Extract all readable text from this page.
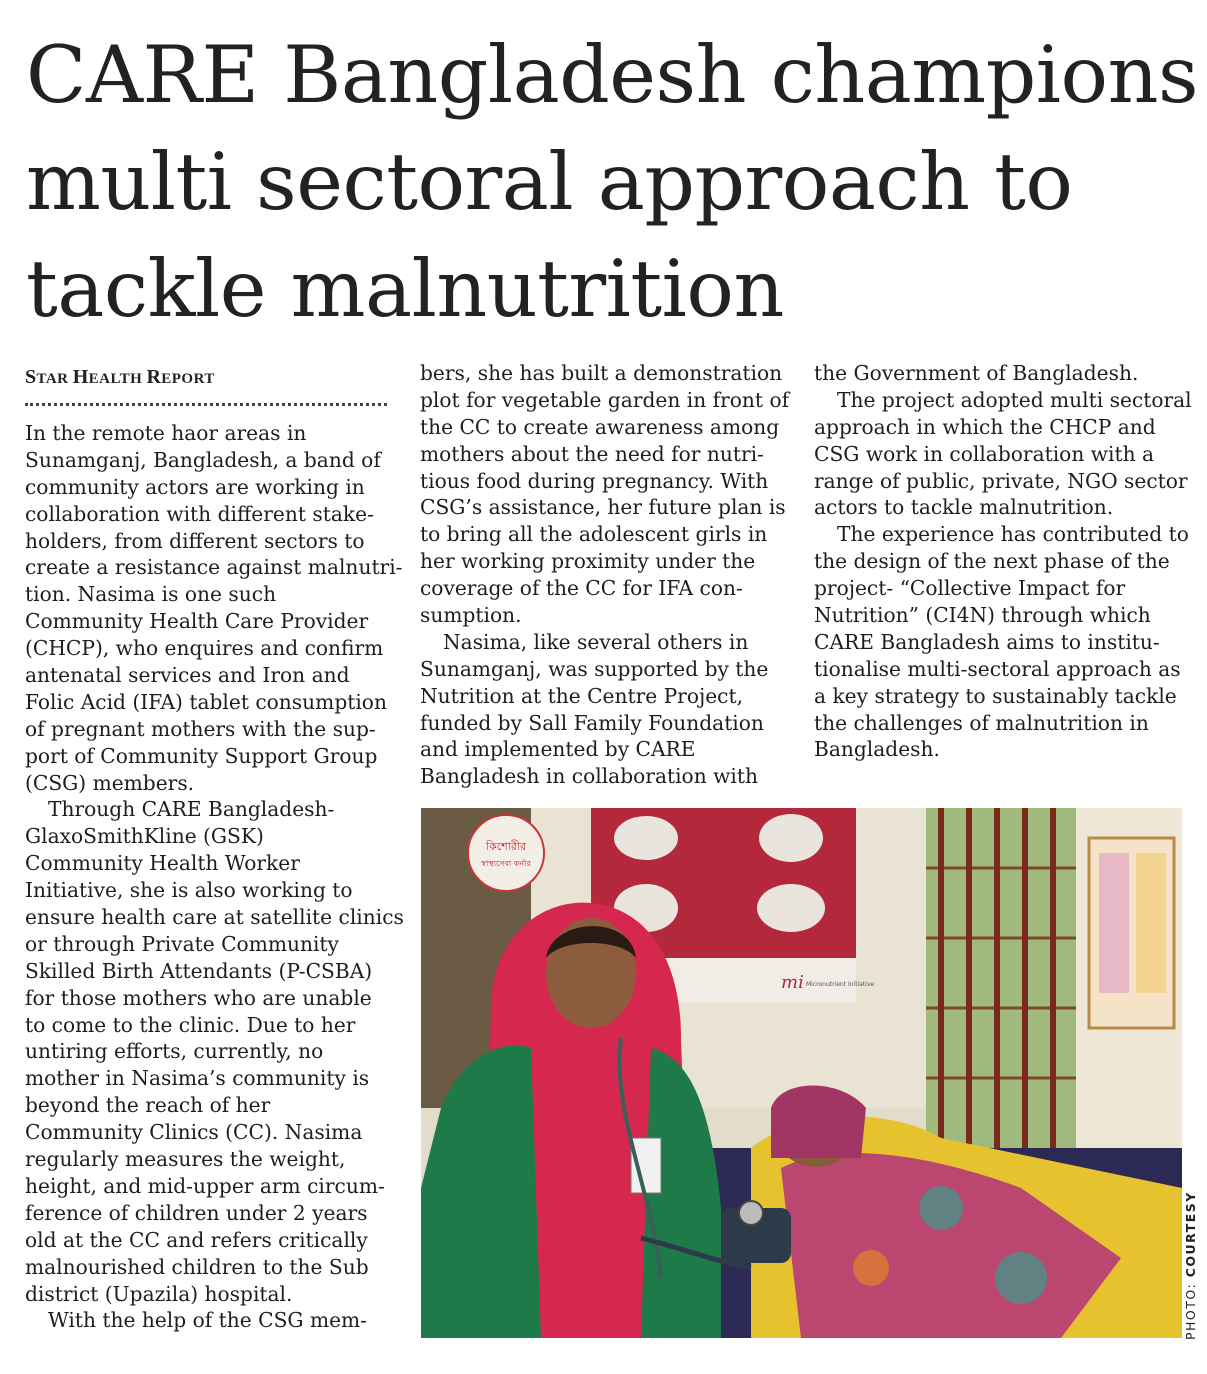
CARE Bangladesh champions
multi sectoral approach to
tackle malnutrition
STAR HEALTH REPORT
In the remote haor areas in
Sunamganj, Bangladesh, a band of
community actors are working in
collaboration with different stake-
holders, from different sectors to
create a resistance against malnutri-
tion. Nasima is one such
Community Health Care Provider
(CHCP), who enquires and confirm
antenatal services and Iron and
Folic Acid (IFA) tablet consumption
of pregnant mothers with the sup-
port of Community Support Group
(CSG) members.
Through CARE Bangladesh-
GlaxoSmithKline (GSK)
Community Health Worker
Initiative, she is also working to
ensure health care at satellite clinics
or through Private Community
Skilled Birth Attendants (P-CSBA)
for those mothers who are unable
to come to the clinic. Due to her
untiring efforts, currently, no
mother in Nasima’s community is
beyond the reach of her
Community Clinics (CC). Nasima
regularly measures the weight,
height, and mid-upper arm circum-
ference of children under 2 years
old at the CC and refers critically
malnourished children to the Sub
district (Upazila) hospital.
With the help of the CSG mem-
bers, she has built a demonstration
plot for vegetable garden in front of
the CC to create awareness among
mothers about the need for nutri-
tious food during pregnancy. With
CSG’s assistance, her future plan is
to bring all the adolescent girls in
her working proximity under the
coverage of the CC for IFA con-
sumption.
Nasima, like several others in
Sunamganj, was supported by the
Nutrition at the Centre Project,
funded by Sall Family Foundation
and implemented by CARE
Bangladesh in collaboration with
the Government of Bangladesh.
The project adopted multi sectoral
approach in which the CHCP and
CSG work in collaboration with a
range of public, private, NGO sector
actors to tackle malnutrition.
The experience has contributed to
the design of the next phase of the
project- “Collective Impact for
Nutrition” (CI4N) through which
CARE Bangladesh aims to institu-
tionalise multi-sectoral approach as
a key strategy to sustainably tackle
the challenges of malnutrition in
Bangladesh.
কিশোরীর
স্বাস্থ্যসেবা কর্নার
mi Micronutrient Initiative
PHOTO: COURTESY
